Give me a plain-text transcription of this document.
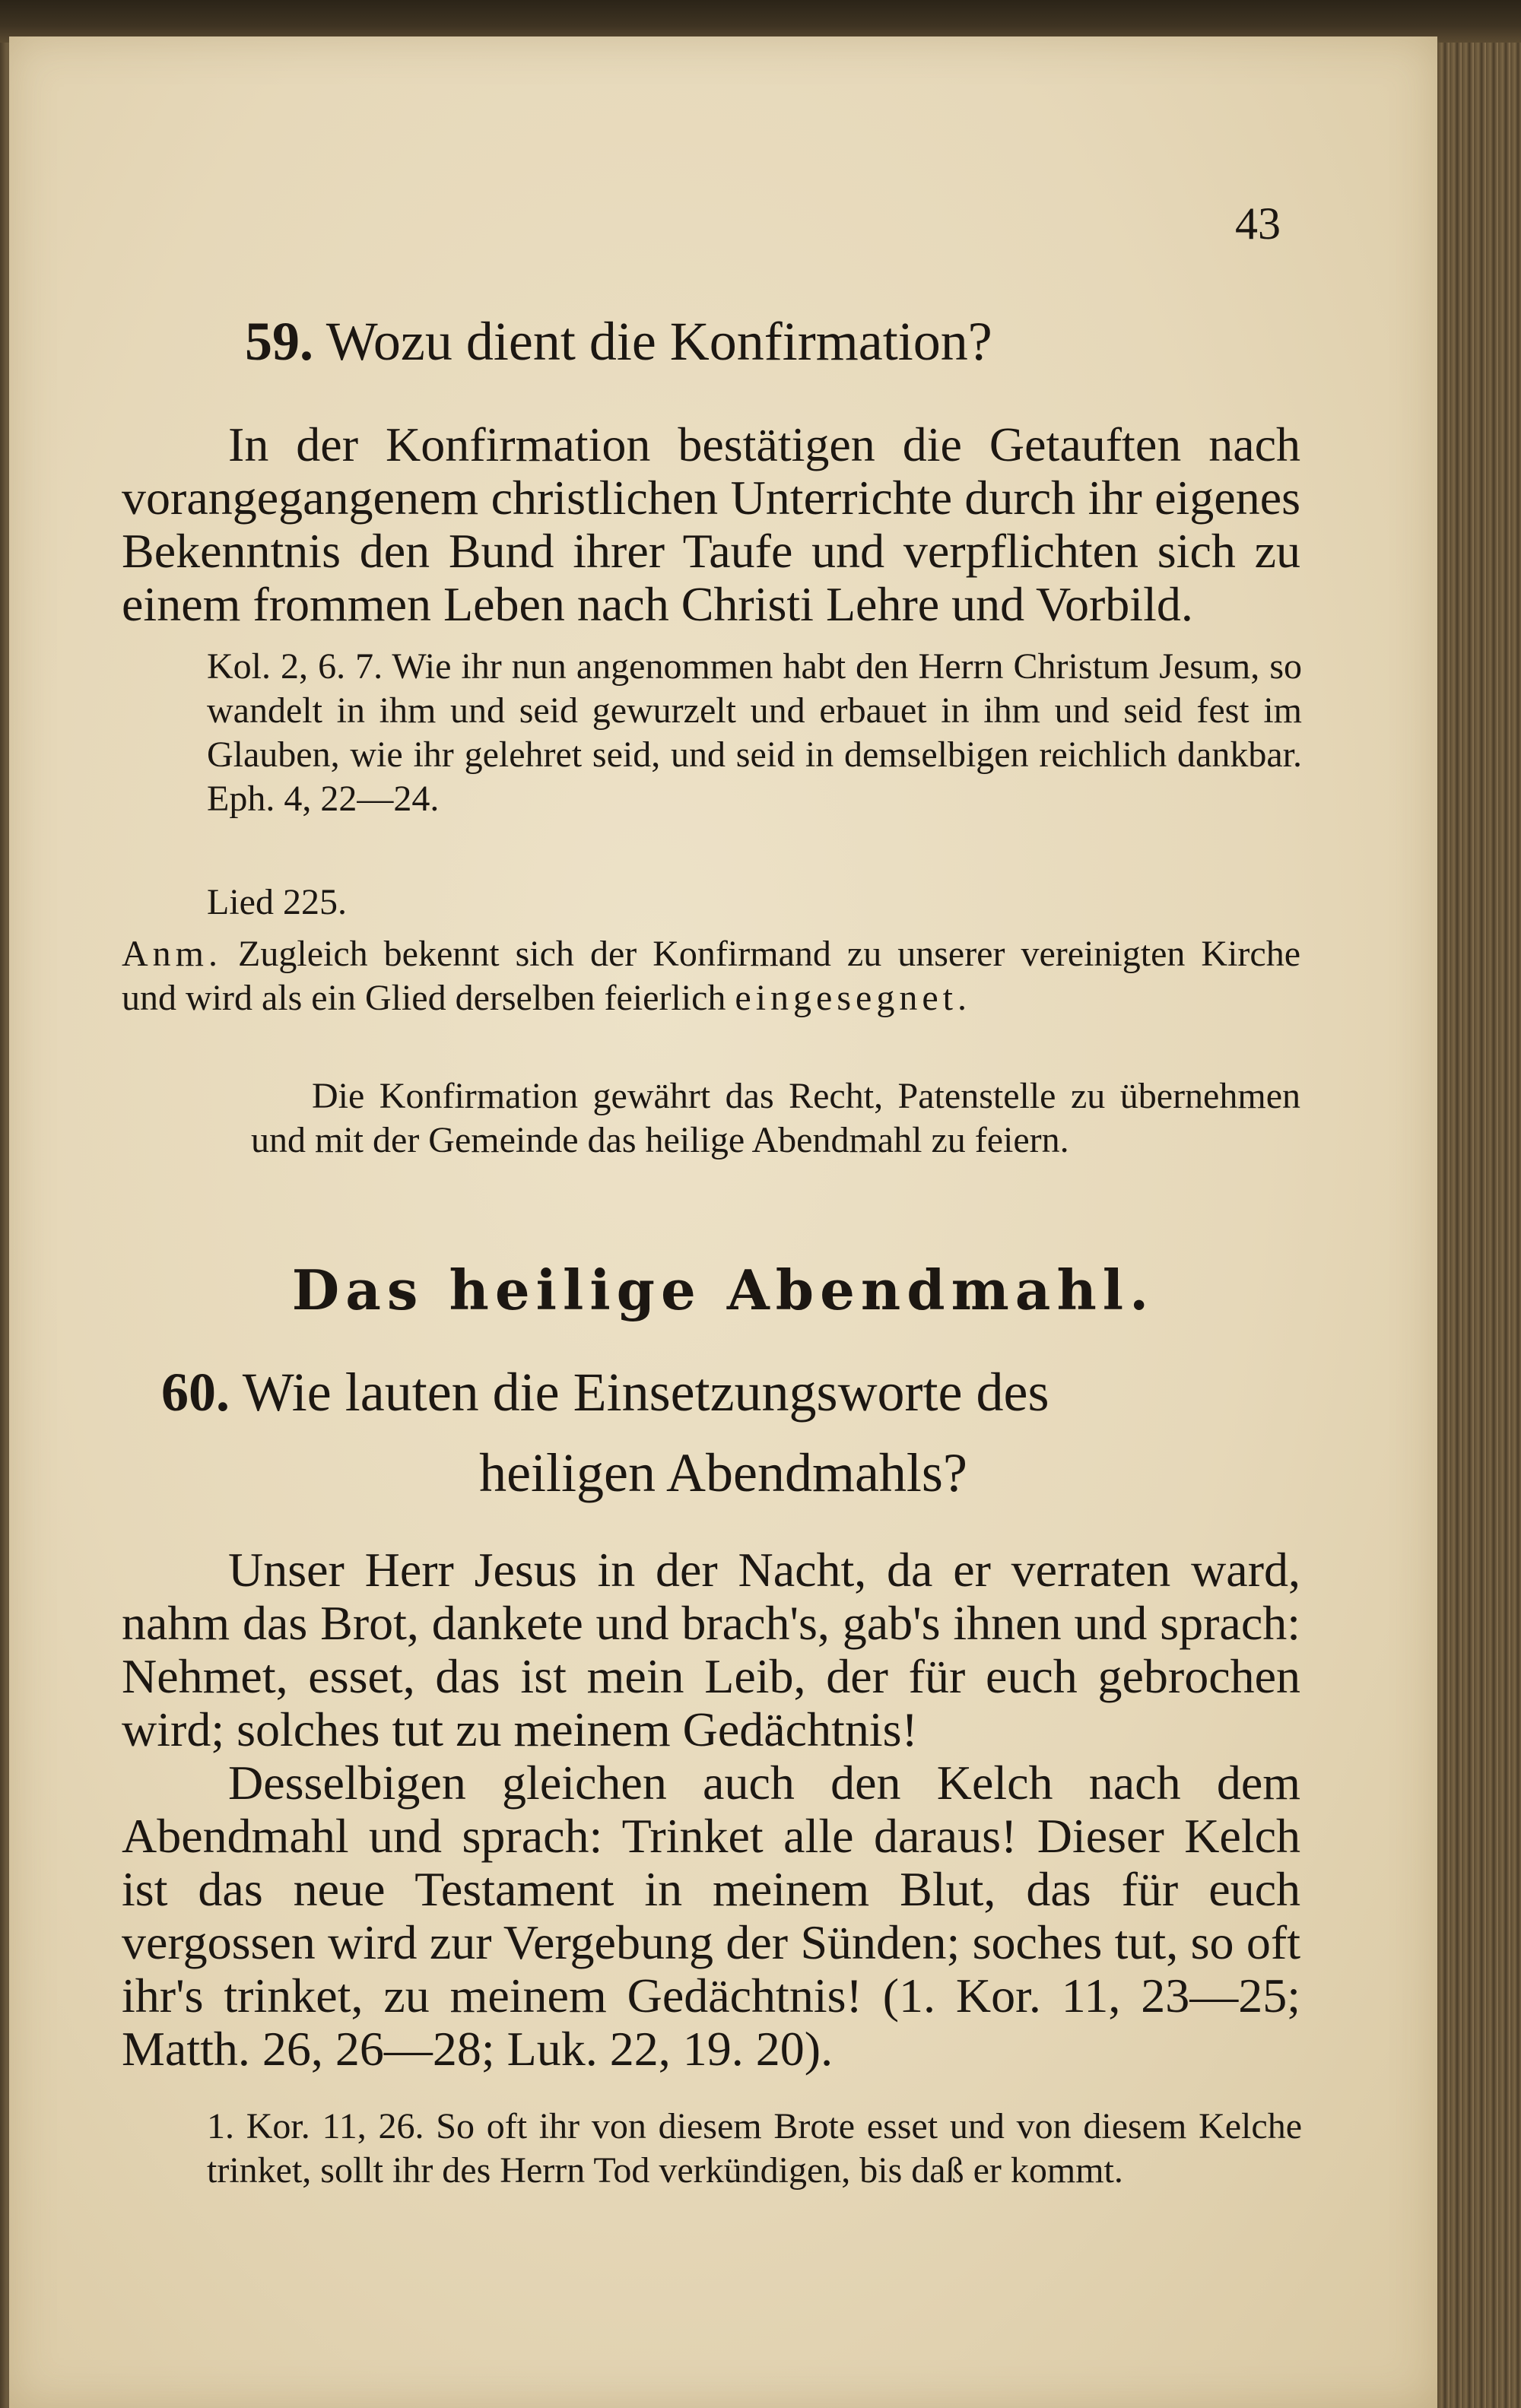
43
59. Wozu dient die Konfirmation?
In der Konfirmation bestätigen die Getauften nach vorangegangenem christlichen Unterrichte durch ihr eigenes Bekenntnis den Bund ihrer Taufe und verpflichten sich zu einem frommen Leben nach Christi Lehre und Vorbild.
Kol. 2, 6. 7. Wie ihr nun angenommen habt den Herrn Christum Jesum, so wandelt in ihm und seid gewurzelt und erbauet in ihm und seid fest im Glauben, wie ihr gelehret seid, und seid in demselbigen reichlich dankbar. Eph. 4, 22—24.
Lied 225.
Anm. Zugleich bekennt sich der Konfirmand zu unserer vereinigten Kirche und wird als ein Glied derselben feierlich eingesegnet.
Die Konfirmation gewährt das Recht, Patenstelle zu übernehmen und mit der Gemeinde das heilige Abendmahl zu feiern.
Das heilige Abendmahl.
60. Wie lauten die Einsetzungsworte des
heiligen Abendmahls?
Unser Herr Jesus in der Nacht, da er verraten ward, nahm das Brot, dankete und brach's, gab's ihnen und sprach: Nehmet, esset, das ist mein Leib, der für euch gebrochen wird; solches tut zu meinem Gedächtnis!
Desselbigen gleichen auch den Kelch nach dem Abendmahl und sprach: Trinket alle daraus! Dieser Kelch ist das neue Testament in meinem Blut, das für euch vergossen wird zur Vergebung der Sünden; soches tut, so oft ihr's trinket, zu meinem Gedächtnis! (1. Kor. 11, 23—25; Matth. 26, 26—28; Luk. 22, 19. 20).
1. Kor. 11, 26. So oft ihr von diesem Brote esset und von diesem Kelche trinket, sollt ihr des Herrn Tod verkündigen, bis daß er kommt.
